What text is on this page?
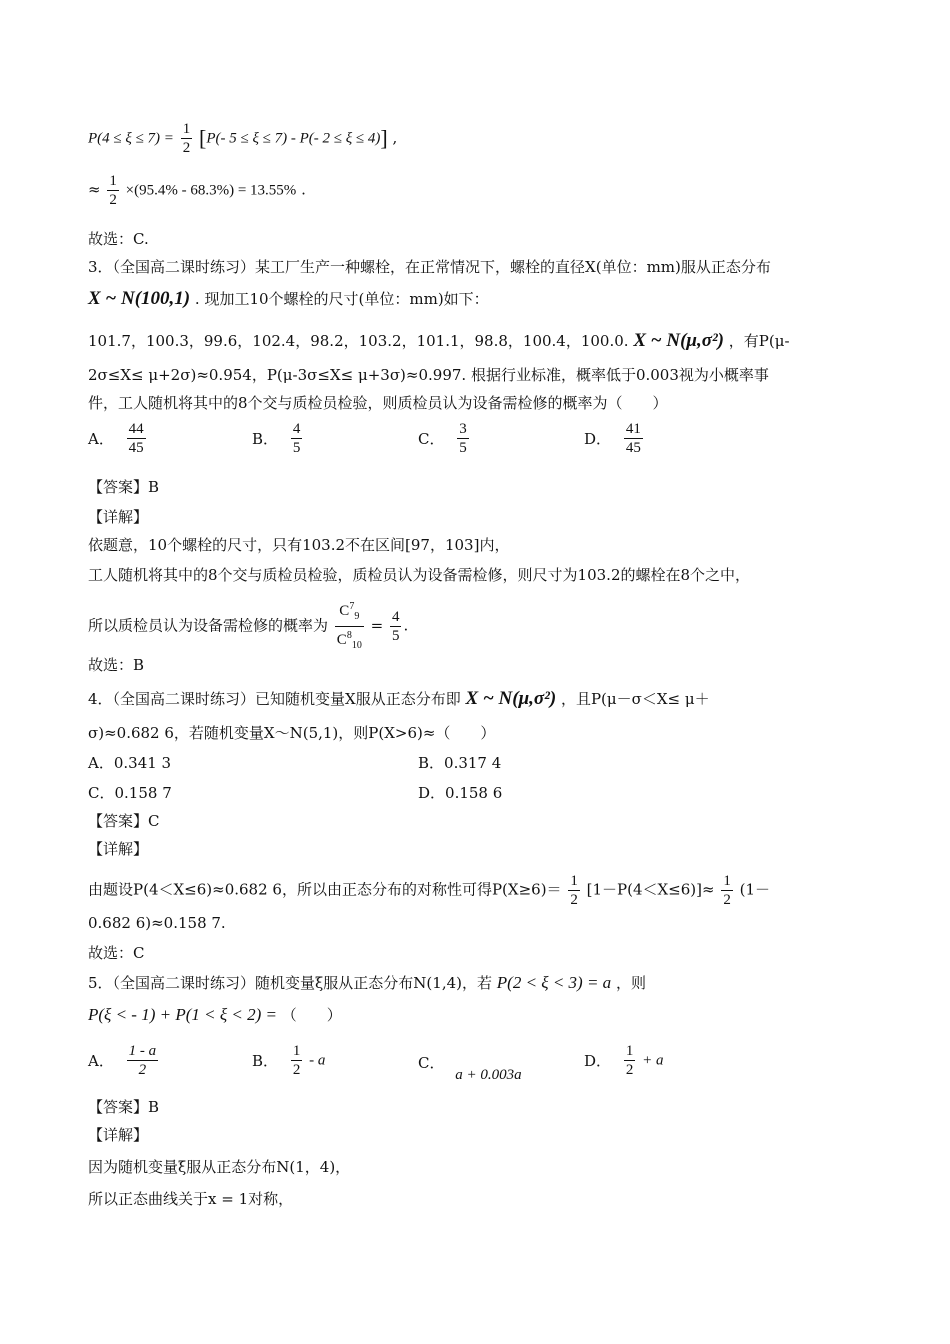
$P(4 \le \xi \le 7) = \frac{1}{2} [P(-$ 5 ≤ ξ ≤ 7) - P(- 2 ≤ ξ ≤ 4)] ,
≈ $\frac{1}{2} \times(95.4\% - 68.3\%) = 13.55\%$ .
故选：C.
3．（全国高二课时练习）某工厂生产一种螺栓，在正常情况下，螺栓的直径X(单位：mm)服从正态分布
X ~ N(100,1) . 现加工10个螺栓的尺寸(单位：mm)如下：
101.7，100.3，99.6，102.4，98.2，103.2，101.1，98.8，100.4，100.0. X ~ N(μ,σ²) ，有P(μ-
2σ≤X≤ μ+2σ)≈0.954，P(μ-3σ≤X≤ μ+3σ)≈0.997. 根据行业标准，概率低于0.003视为小概率事
件，工人随机将其中的8个交与质检员检验，则质检员认为设备需检修的概率为（　　）
A． $\frac{44}{45}$	B． $\frac{4}{5}$	C． $\frac{3}{5}$	D． $\frac{41}{45}$
【答案】B
【详解】
依题意，10个螺栓的尺寸，只有103.2不在区间[97，103]内，
工人随机将其中的8个交与质检员检验，质检员认为设备需检修，则尺寸为103.2的螺栓在8个之中，
所以质检员认为设备需检修的概率为 $\frac{C^7_9}{C^8_{10}} = \frac{4}{5}$ .
故选：B
4．（全国高二课时练习）已知随机变量X服从正态分布即 X ~ N(μ,σ²) ，且P(μ－σ＜X≤ μ＋
σ)≈0.682 6，若随机变量X～N(5,1)，则P(X>6)≈（　　）
A．0.341 3	B．0.317 4
C．0.158 7	D．0.158 6
【答案】C
【详解】
由题设P(4＜X≤6)≈0.682 6，所以由正态分布的对称性可得$P(X\ge 6)= \frac{1}{2} [1-P(4<X\le 6)]\approx \frac{1}{2} (1-$
0.682 6)≈0.158 7.
故选：C
5．（全国高二课时练习）随机变量ξ服从正态分布N(1,4)，若 P(2 < ξ < 3) = a ，则
P(ξ < - 1) + P(1 < ξ < 2) = （　　）
A． $\frac{1 - a}{2}$	B． $\frac{1}{2}$ - a	C． a + 0.003a
D． $\frac{1}{2} + a$
【答案】B
【详解】
因为随机变量ξ服从正态分布N(1，4)，
所以正态曲线关于x = 1对称，
